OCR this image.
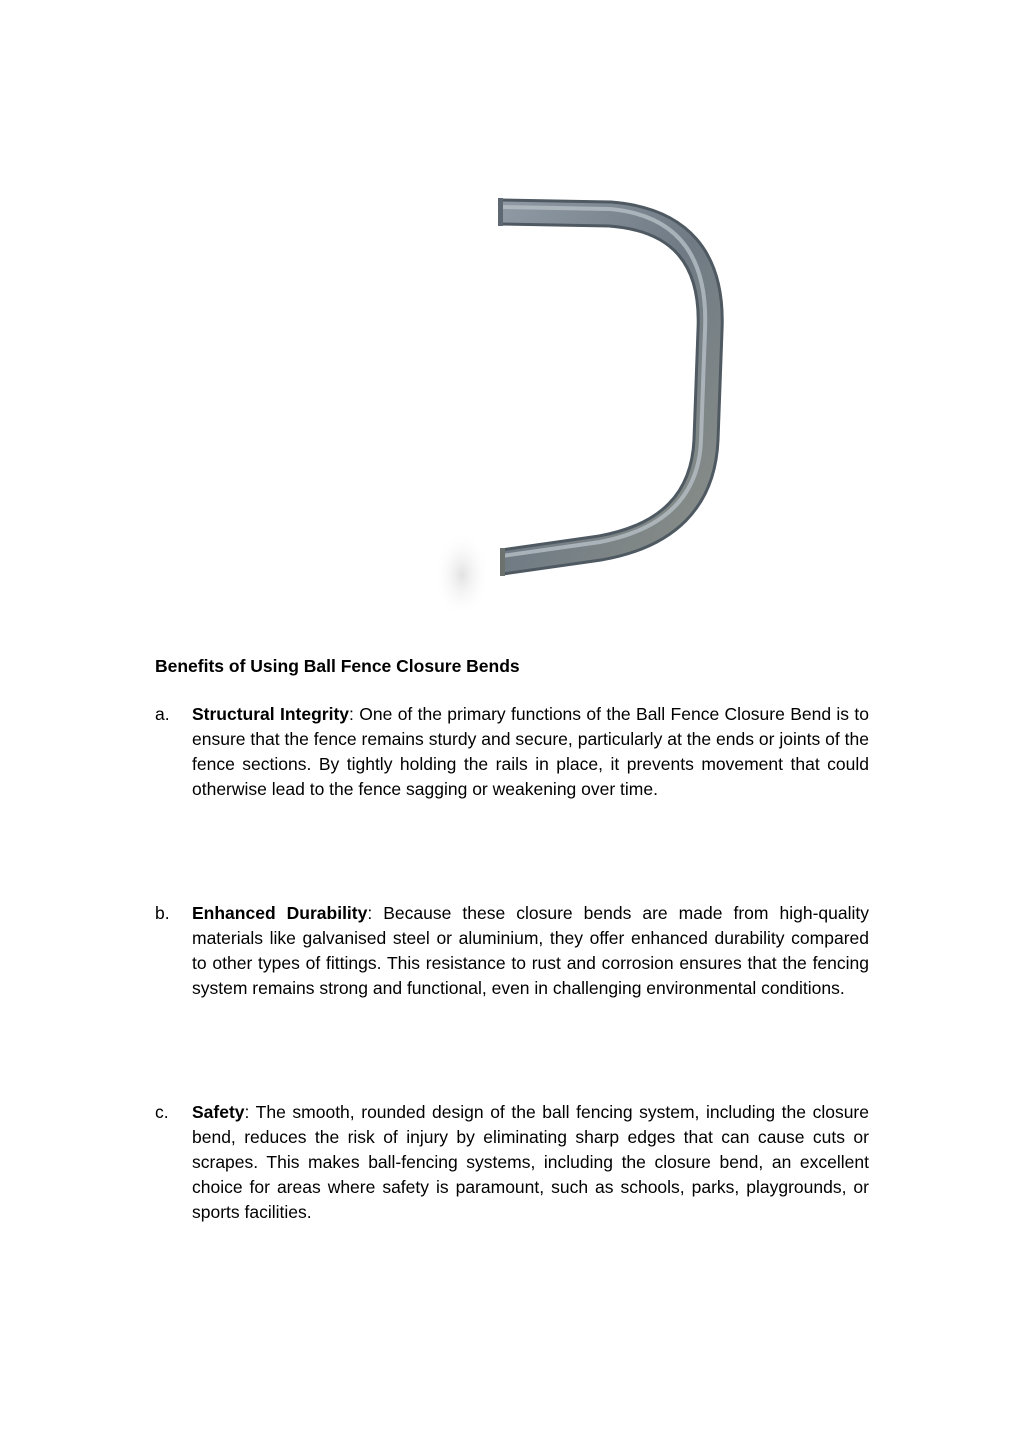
Benefits of Using Ball Fence Closure Bends
a.	Structural Integrity: One of the primary functions of the Ball Fence Closure Bend is to ensure that the fence remains sturdy and secure, particularly at the ends or joints of the fence sections. By tightly holding the rails in place, it prevents movement that could otherwise lead to the fence sagging or weakening over time.
b.	Enhanced Durability: Because these closure bends are made from high-quality materials like galvanised steel or aluminium, they offer enhanced durability compared to other types of fittings. This resistance to rust and corrosion ensures that the fencing system remains strong and functional, even in challenging environmental conditions.
c.	Safety: The smooth, rounded design of the ball fencing system, including the closure bend, reduces the risk of injury by eliminating sharp edges that can cause cuts or scrapes. This makes ball-fencing systems, including the closure bend, an excellent choice for areas where safety is paramount, such as schools, parks, playgrounds, or sports facilities.
